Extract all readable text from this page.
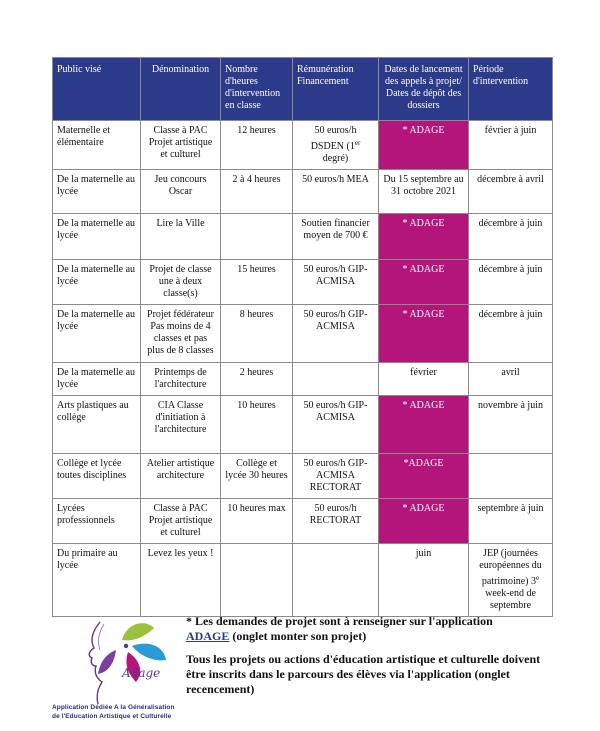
Public visé	Dénomination	Nombre d'heures d'intervention en classe	Rémunération Financement	Dates de lancement des appels à projet/ Dates de dépôt des dossiers	Période d'intervention
Maternelle et élémentaire	Classe à PAC Projet artistique et culturel	12 heures	50 euros/h DSDEN (1er degré)	* ADAGE	février à juin
De la maternelle au lycée	Jeu concours Oscar	2 à 4 heures	50 euros/h MEA	Du 15 septembre au 31 octobre 2021	décembre à avril
De la maternelle au lycée	Lire la Ville		Soutien financier moyen de 700 €	* ADAGE	décembre à juin
De la maternelle au lycée	Projet de classe une à deux classe(s)	15 heures	50 euros/h GIP-ACMISA	* ADAGE	décembre à juin
De la maternelle au lycée	Projet fédérateur Pas moins de 4 classes et pas plus de 8 classes	8 heures	50 euros/h GIP-ACMISA	* ADAGE	décembre à juin
De la maternelle au lycée	Printemps de l'architecture	2 heures		février	avril
Arts plastiques au collège	CIA Classe d'initiation à l'architecture	10 heures	50 euros/h GIP-ACMISA	* ADAGE	novembre à juin
Collège et lycée toutes disciplines	Atelier artistique architecture	Collège et lycée 30 heures	50 euros/h GIP-ACMISA RECTORAT	*ADAGE	
Lycées professionnels	Classe à PAC Projet artistique et culturel	10 heures max	50 euros/h RECTORAT	* ADAGE	septembre à juin
Du primaire au lycée	Levez les yeux !			juin	JEP (journées européennes du patrimoine) 3e week-end de septembre
Adage
Application Dédiée A la Généralisation
de l'Education Artistique et Culturelle

* Les demandes de projet sont à renseigner sur l'application
ADAGE (onglet monter son projet)

Tous les projets ou actions d'éducation artistique et culturelle doivent être inscrits dans le parcours des élèves via l'application (onglet recencement)
